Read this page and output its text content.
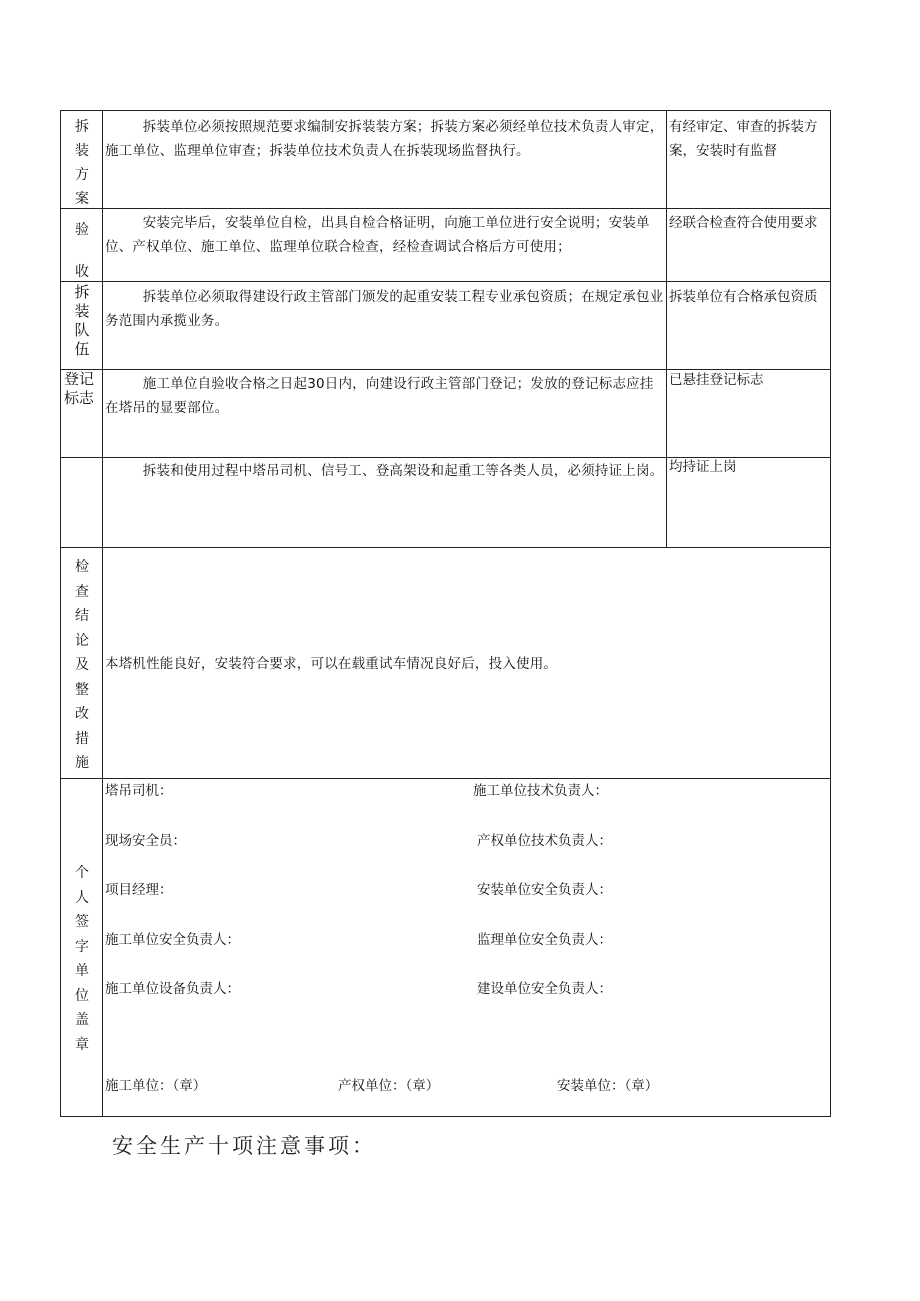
拆装方案
拆装单位必须按照规范要求编制安拆装装方案；拆装方案必须经单位技术负责人审定，施工单位、监理单位审查；拆装单位技术负责人在拆装现场监督执行。
有经审定、审查的拆装方案，安装时有监督
验收
安装完毕后，安装单位自检，出具自检合格证明，向施工单位进行安全说明；安装单位、产权单位、施工单位、监理单位联合检查，经检查调试合格后方可使用；
经联合检查符合使用要求
拆装队伍
拆装单位必须取得建设行政主管部门颁发的起重安装工程专业承包资质；在规定承包业务范围内承揽业务。
拆装单位有合格承包资质
登记标志
施工单位自验收合格之日起30日内，向建设行政主管部门登记；发放的登记标志应挂在塔吊的显要部位。
已悬挂登记标志
拆装和使用过程中塔吊司机、信号工、登高架设和起重工等各类人员，必须持证上岗。 均持证上岗
检查结论及整改措施
本塔机性能良好，安装符合要求，可以在载重试车情况良好后，投入使用。
个人签字单位盖章
塔吊司机：
现场安全员：
项目经理：
施工单位安全负责人：
施工单位设备负责人：
施工单位技术负责人：
产权单位技术负责人：
安装单位安全负责人：
监理单位安全负责人：
建设单位安全负责人：
施工单位：（章）	产权单位：（章）	安装单位：（章）
安全生产十项注意事项：
